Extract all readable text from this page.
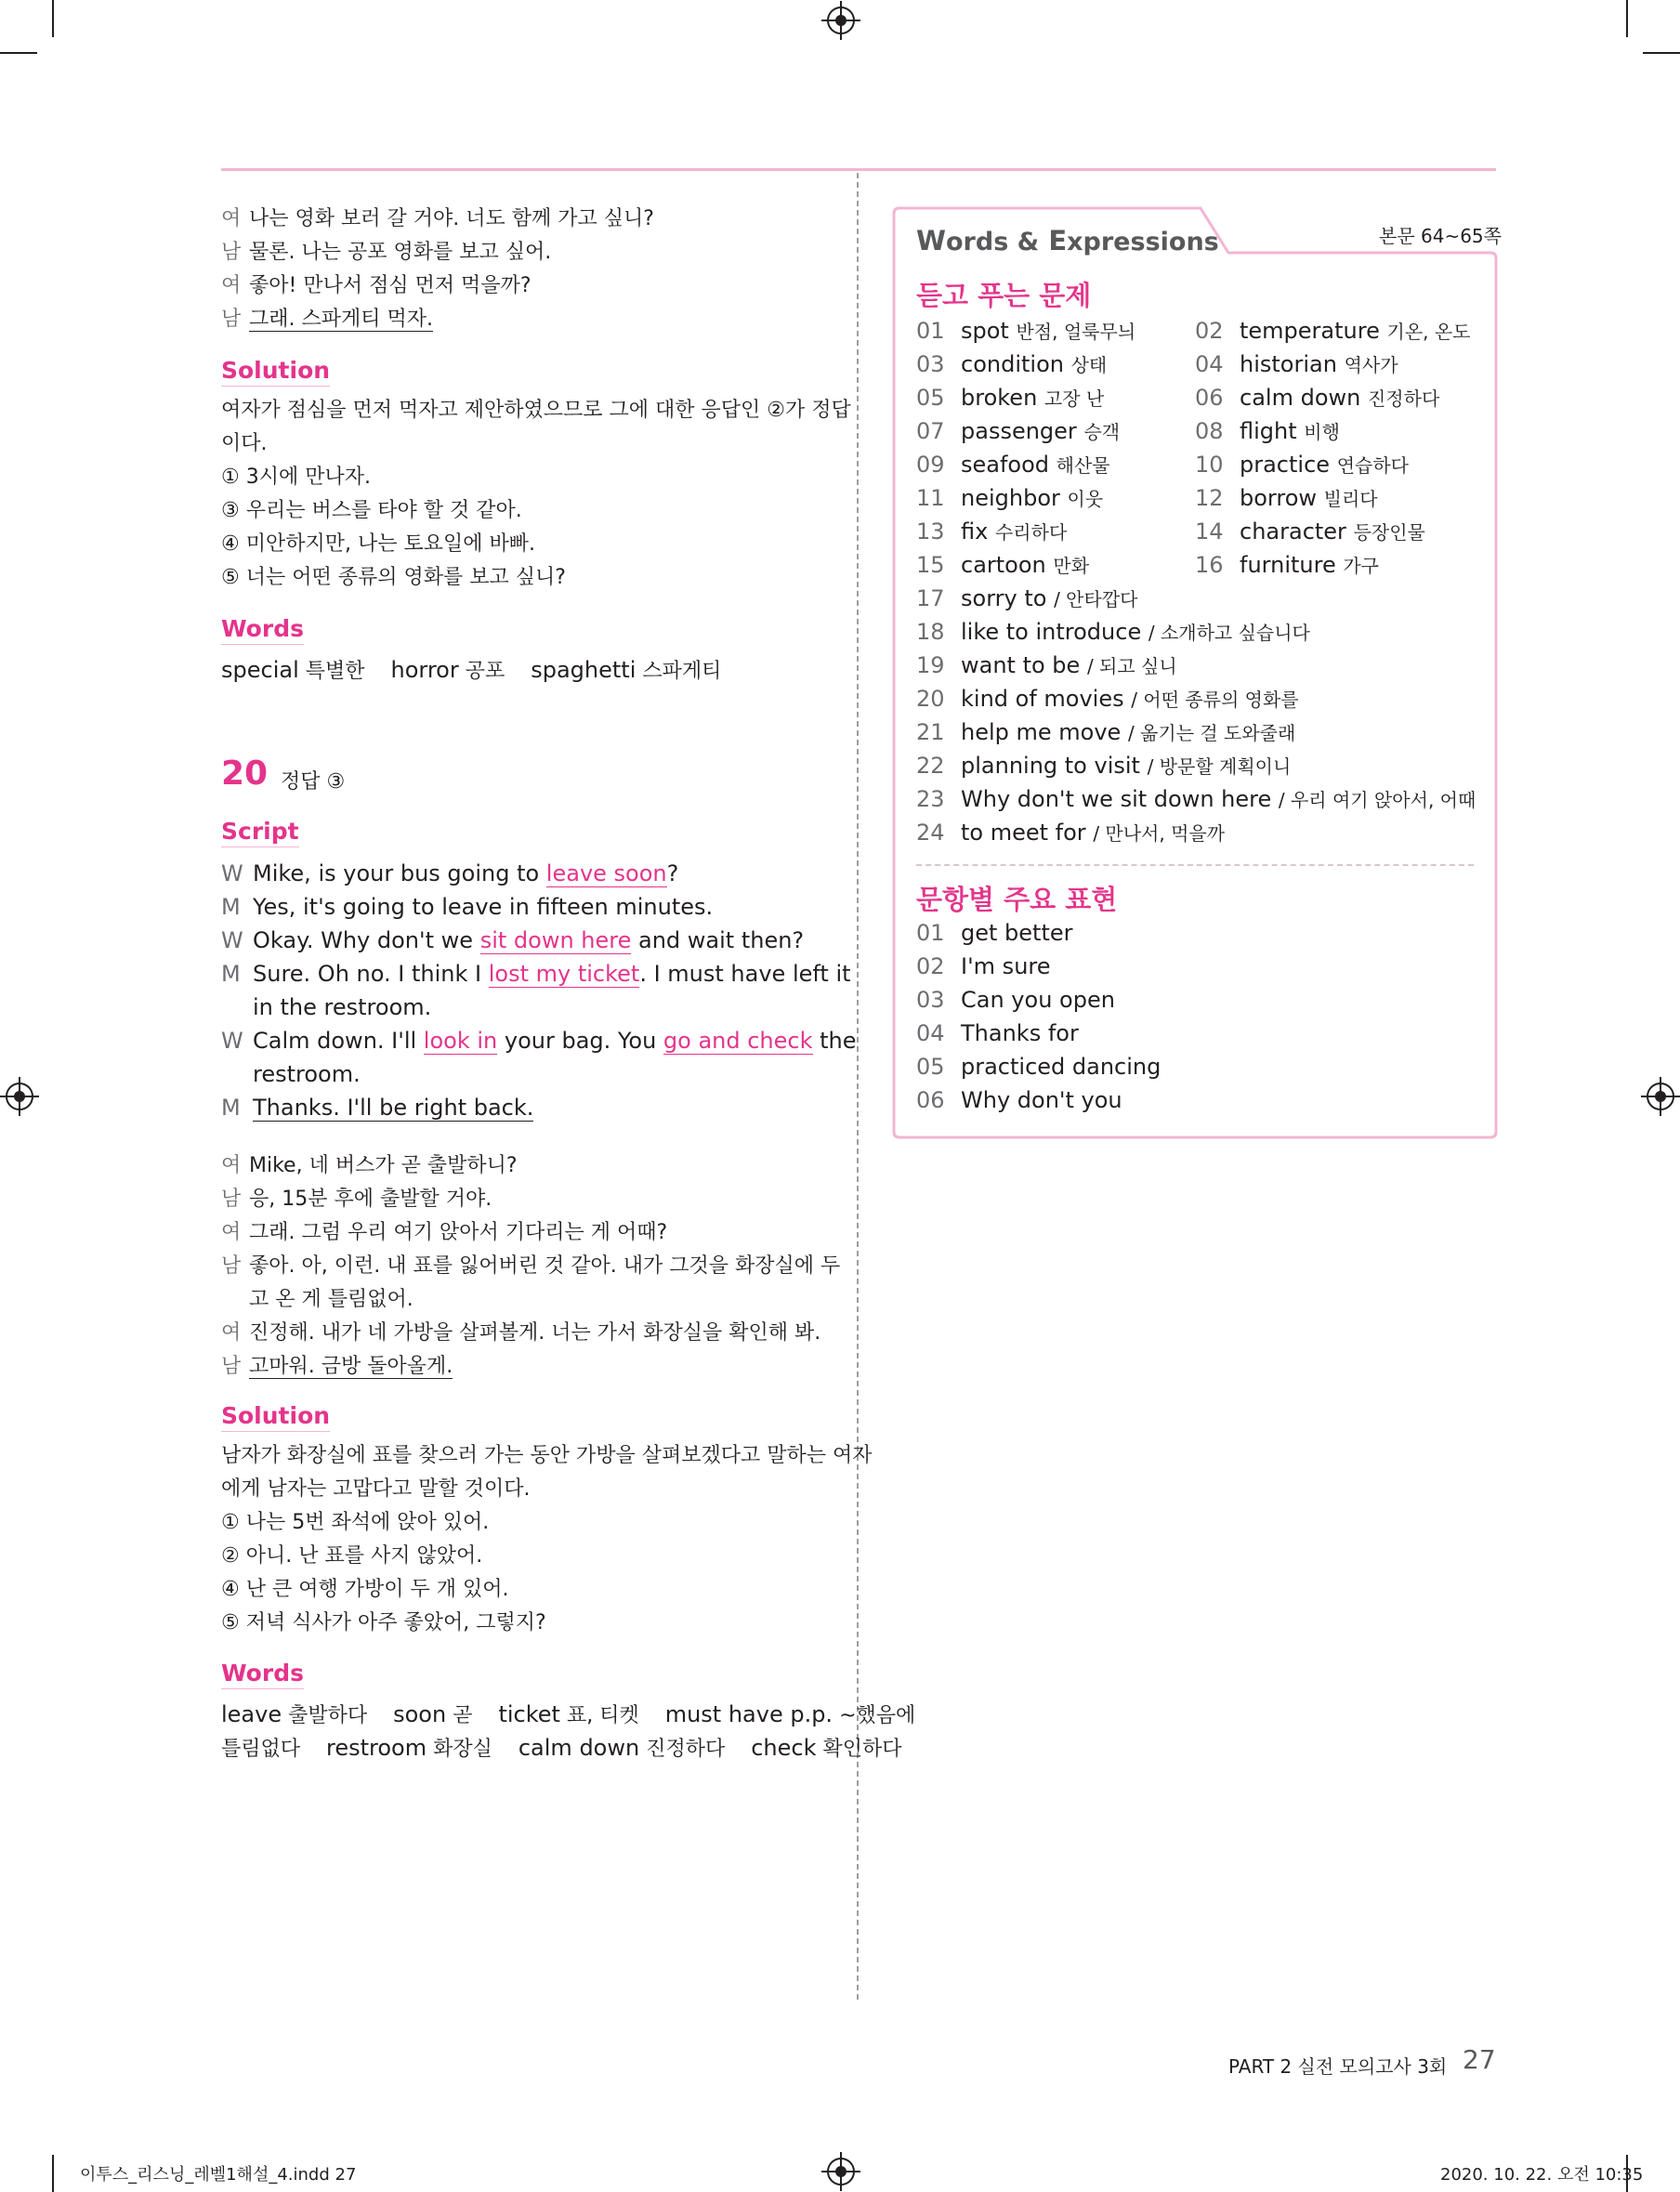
여 나는 영화 보러 갈 거야. 너도 함께 가고 싶니?
남 물론. 나는 공포 영화를 보고 싶어.
여 좋아! 만나서 점심 먼저 먹을까?
남 그래. 스파게티 먹자.
Solution
여자가 점심을 먼저 먹자고 제안하였으므로 그에 대한 응답인 ②가 정답
이다.
① 3시에 만나자.
③ 우리는 버스를 타야 할 것 같아.
④ 미안하지만, 나는 토요일에 바빠.
⑤ 너는 어떤 종류의 영화를 보고 싶니?
Words
special 특별한 horror 공포 spaghetti 스파게티
20 정답 ③
Script
W Mike, is your bus going to leave soon?
M Yes, it's going to leave in fifteen minutes.
W Okay. Why don't we sit down here and wait then?
M Sure. Oh no. I think I lost my ticket. I must have left it
in the restroom.
W Calm down. I'll look in your bag. You go and check the
restroom.
M Thanks. I'll be right back.
여 Mike, 네 버스가 곧 출발하니?
남 응, 15분 후에 출발할 거야.
여 그래. 그럼 우리 여기 앉아서 기다리는 게 어때?
남 좋아. 아, 이런. 내 표를 잃어버린 것 같아. 내가 그것을 화장실에 두
고 온 게 틀림없어.
여 진정해. 내가 네 가방을 살펴볼게. 너는 가서 화장실을 확인해 봐.
남 고마워. 금방 돌아올게.
Solution
남자가 화장실에 표를 찾으러 가는 동안 가방을 살펴보겠다고 말하는 여자
에게 남자는 고맙다고 말할 것이다.
① 나는 5번 좌석에 앉아 있어.
② 아니. 난 표를 사지 않았어.
④ 난 큰 여행 가방이 두 개 있어.
⑤ 저녁 식사가 아주 좋았어, 그렇지?
Words
leave 출발하다 soon 곧 ticket 표, 티켓 must have p.p. ~했음에
틀림없다 restroom 화장실 calm down 진정하다 check 확인하다
Words & Expressions	본문 64~65쪽
듣고 푸는 문제
01 spot 반점, 얼룩무늬	02 temperature 기온, 온도
03 condition 상태	04 historian 역사가
05 broken 고장 난	06 calm down 진정하다
07 passenger 승객	08 flight 비행
09 seafood 해산물	10 practice 연습하다
11 neighbor 이웃	12 borrow 빌리다
13 fix 수리하다	14 character 등장인물
15 cartoon 만화	16 furniture 가구
17 sorry to / 안타깝다
18 like to introduce / 소개하고 싶습니다
19 want to be / 되고 싶니
20 kind of movies / 어떤 종류의 영화를
21 help me move / 옮기는 걸 도와줄래
22 planning to visit / 방문할 계획이니
23 Why don't we sit down here / 우리 여기 앉아서, 어때
24 to meet for / 만나서, 먹을까
문항별 주요 표현
01 get better
02 I'm sure
03 Can you open
04 Thanks for
05 practiced dancing
06 Why don't you
PART 2 실전 모의고사 3회 27
이투스_리스닝_레벨1해설_4.indd 27	2020. 10. 22. 오전 10:35
